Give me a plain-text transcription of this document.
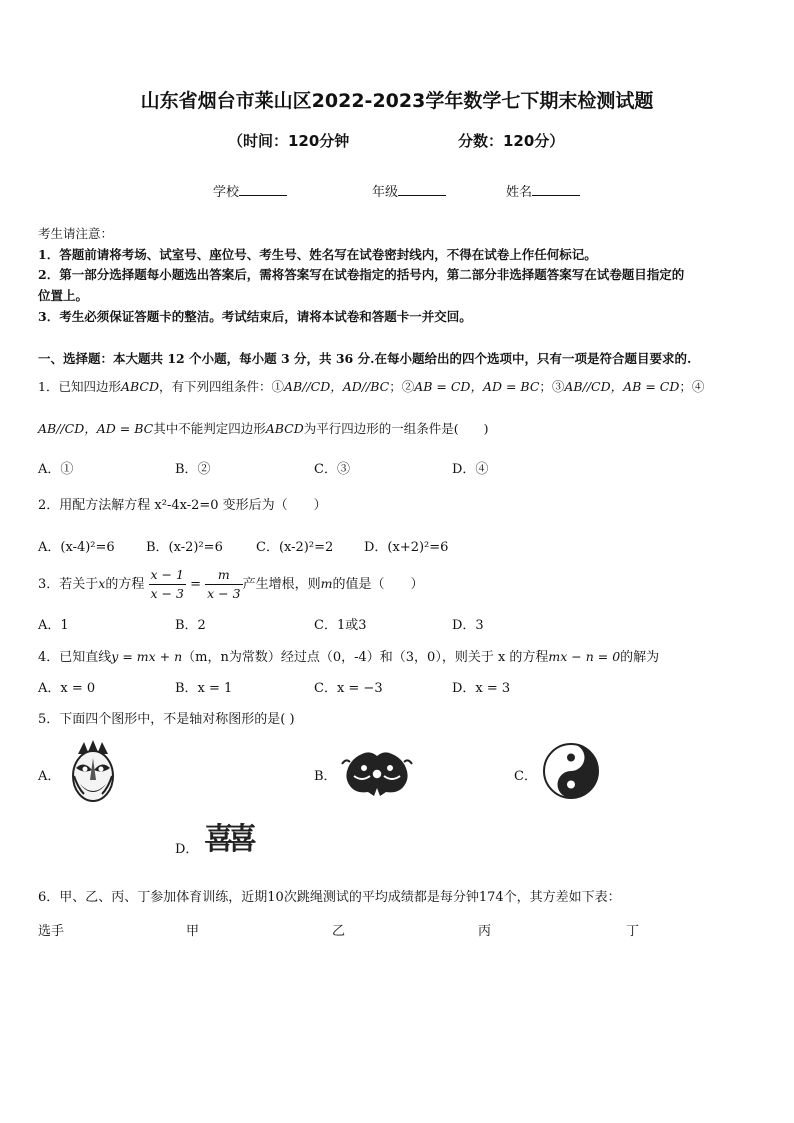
山东省烟台市莱山区2022-2023学年数学七下期末检测试题
（时间：120分钟	分数：120分）
学校	年级	姓名
考生请注意：
1．答题前请将考场、试室号、座位号、考生号、姓名写在试卷密封线内，不得在试卷上作任何标记。
2．第一部分选择题每小题选出答案后，需将答案写在试卷指定的括号内，第二部分非选择题答案写在试卷题目指定的
位置上。
3．考生必须保证答题卡的整洁。考试结束后，请将本试卷和答题卡一并交回。
一、选择题：本大题共 12 个小题，每小题 3 分，共 36 分.在每小题给出的四个选项中，只有一项是符合题目要求的.
1．已知四边形ABCD，有下列四组条件：①AB//CD，AD//BC；②AB = CD，AD = BC；③AB//CD，AB = CD；④
AB//CD，AD = BC其中不能判定四边形ABCD为平行四边形的一组条件是(　　)
A．①	B．②	C．③	D．④
2．用配方法解方程 x²-4x-2=0 变形后为（　　）
A．(x-4)²=6 B．(x-2)²=6	C．(x-2)²=2 D．(x+2)²=6
3．若关于x的方程 $\frac{x - 1}{x - 3} = \frac{m}{x - 3}$ 产生增根，则m的值是（　　）
A．1	B．2	C．1或3	D．3
4．已知直线y = mx + n（m，n为常数）经过点（0，-4）和（3，0），则关于 x 的方程mx − n = 0的解为
A．x = 0	B．x = 1	C．x = −3	D．x = 3
5．下面四个图形中，不是轴对称图形的是( )
A．	B．	C．
D． 喜喜
6．甲、乙、丙、丁参加体育训练，近期10次跳绳测试的平均成绩都是每分钟174个，其方差如下表：
选手	甲	乙	丙	丁
